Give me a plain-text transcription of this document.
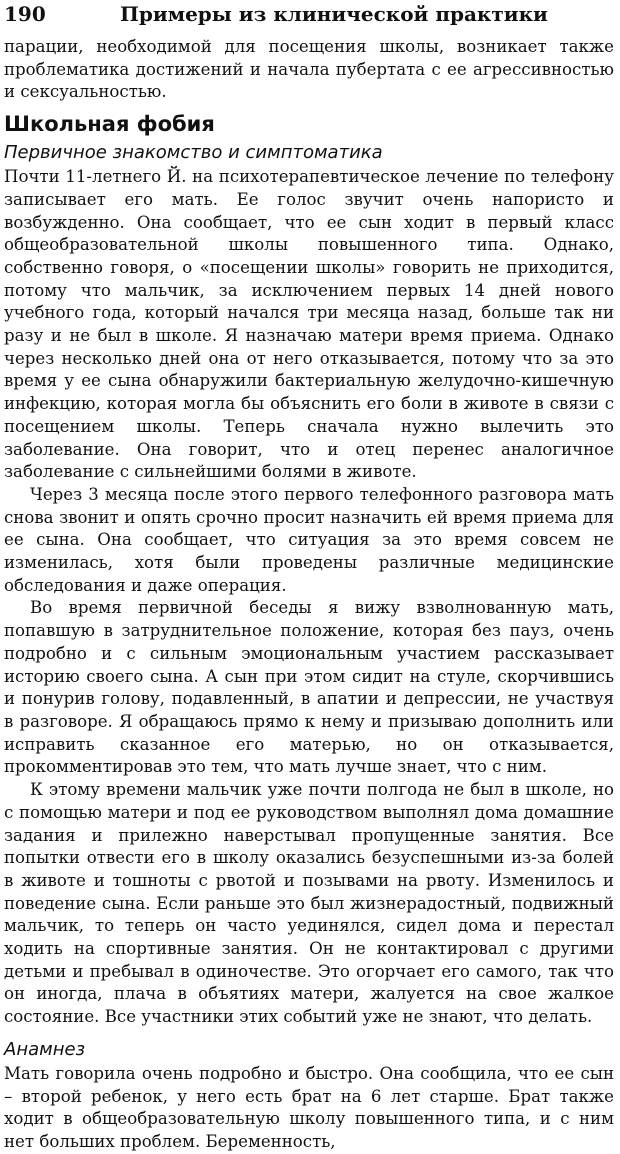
190	Примеры из клинической практики

парации, необходимой для посещения школы, возникает также проблематика достижений и начала пубертата с ее агрессивностью и сексуальностью.

Школьная фобия
Первичное знакомство и симптоматика

Почти 11-летнего Й. на психотерапевтическое лечение по телефону записывает его мать. Ее голос звучит очень напористо и возбужденно. Она сообщает, что ее сын ходит в первый класс общеобразовательной школы повышенного типа. Однако, собственно говоря, о «посещении школы» говорить не приходится, потому что мальчик, за исключением первых 14 дней нового учебного года, который начался три месяца назад, больше так ни разу и не был в школе. Я назначаю матери время приема. Однако через несколько дней она от него отказывается, потому что за это время у ее сына обнаружили бактериальную желудочно-кишечную инфекцию, которая могла бы объяснить его боли в животе в связи с посещением школы. Теперь сначала нужно вылечить это заболевание. Она говорит, что и отец перенес аналогичное заболевание с сильнейшими болями в животе.

Через 3 месяца после этого первого телефонного разговора мать снова звонит и опять срочно просит назначить ей время приема для ее сына. Она сообщает, что ситуация за это время совсем не изменилась, хотя были проведены различные медицинские обследования и даже операция.

Во время первичной беседы я вижу взволнованную мать, попавшую в затруднительное положение, которая без пауз, очень подробно и с сильным эмоциональным участием рассказывает историю своего сына. А сын при этом сидит на стуле, скорчившись и понурив голову, подавленный, в апатии и депрессии, не участвуя в разговоре. Я обращаюсь прямо к нему и призываю дополнить или исправить сказанное его матерью, но он отказывается, прокомментировав это тем, что мать лучше знает, что с ним.

К этому времени мальчик уже почти полгода не был в школе, но с помощью матери и под ее руководством выполнял дома домашние задания и прилежно наверстывал пропущенные занятия. Все попытки отвести его в школу оказались безуспешными из-за болей в животе и тошноты с рвотой и позывами на рвоту. Изменилось и поведение сына. Если раньше это был жизнерадостный, подвижный мальчик, то теперь он часто уединялся, сидел дома и перестал ходить на спортивные занятия. Он не контактировал с другими детьми и пребывал в одиночестве. Это огорчает его самого, так что он иногда, плача в объятиях матери, жалуется на свое жалкое состояние. Все участники этих событий уже не знают, что делать.

Анамнез

Мать говорила очень подробно и быстро. Она сообщила, что ее сын – второй ребенок, у него есть брат на 6 лет старше. Брат также ходит в общеобразовательную школу повышенного типа, и с ним нет больших проблем. Беременность,
